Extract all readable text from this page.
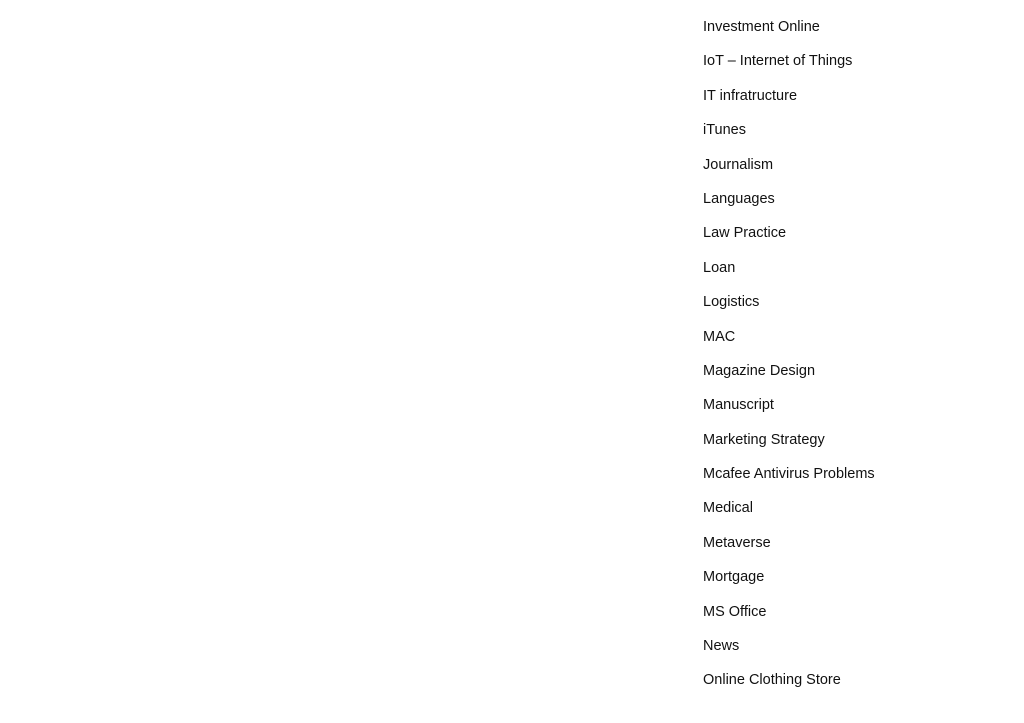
Investment Online
IoT – Internet of Things
IT infratructure
iTunes
Journalism
Languages
Law Practice
Loan
Logistics
MAC
Magazine Design
Manuscript
Marketing Strategy
Mcafee Antivirus Problems
Medical
Metaverse
Mortgage
MS Office
News
Online Clothing Store
